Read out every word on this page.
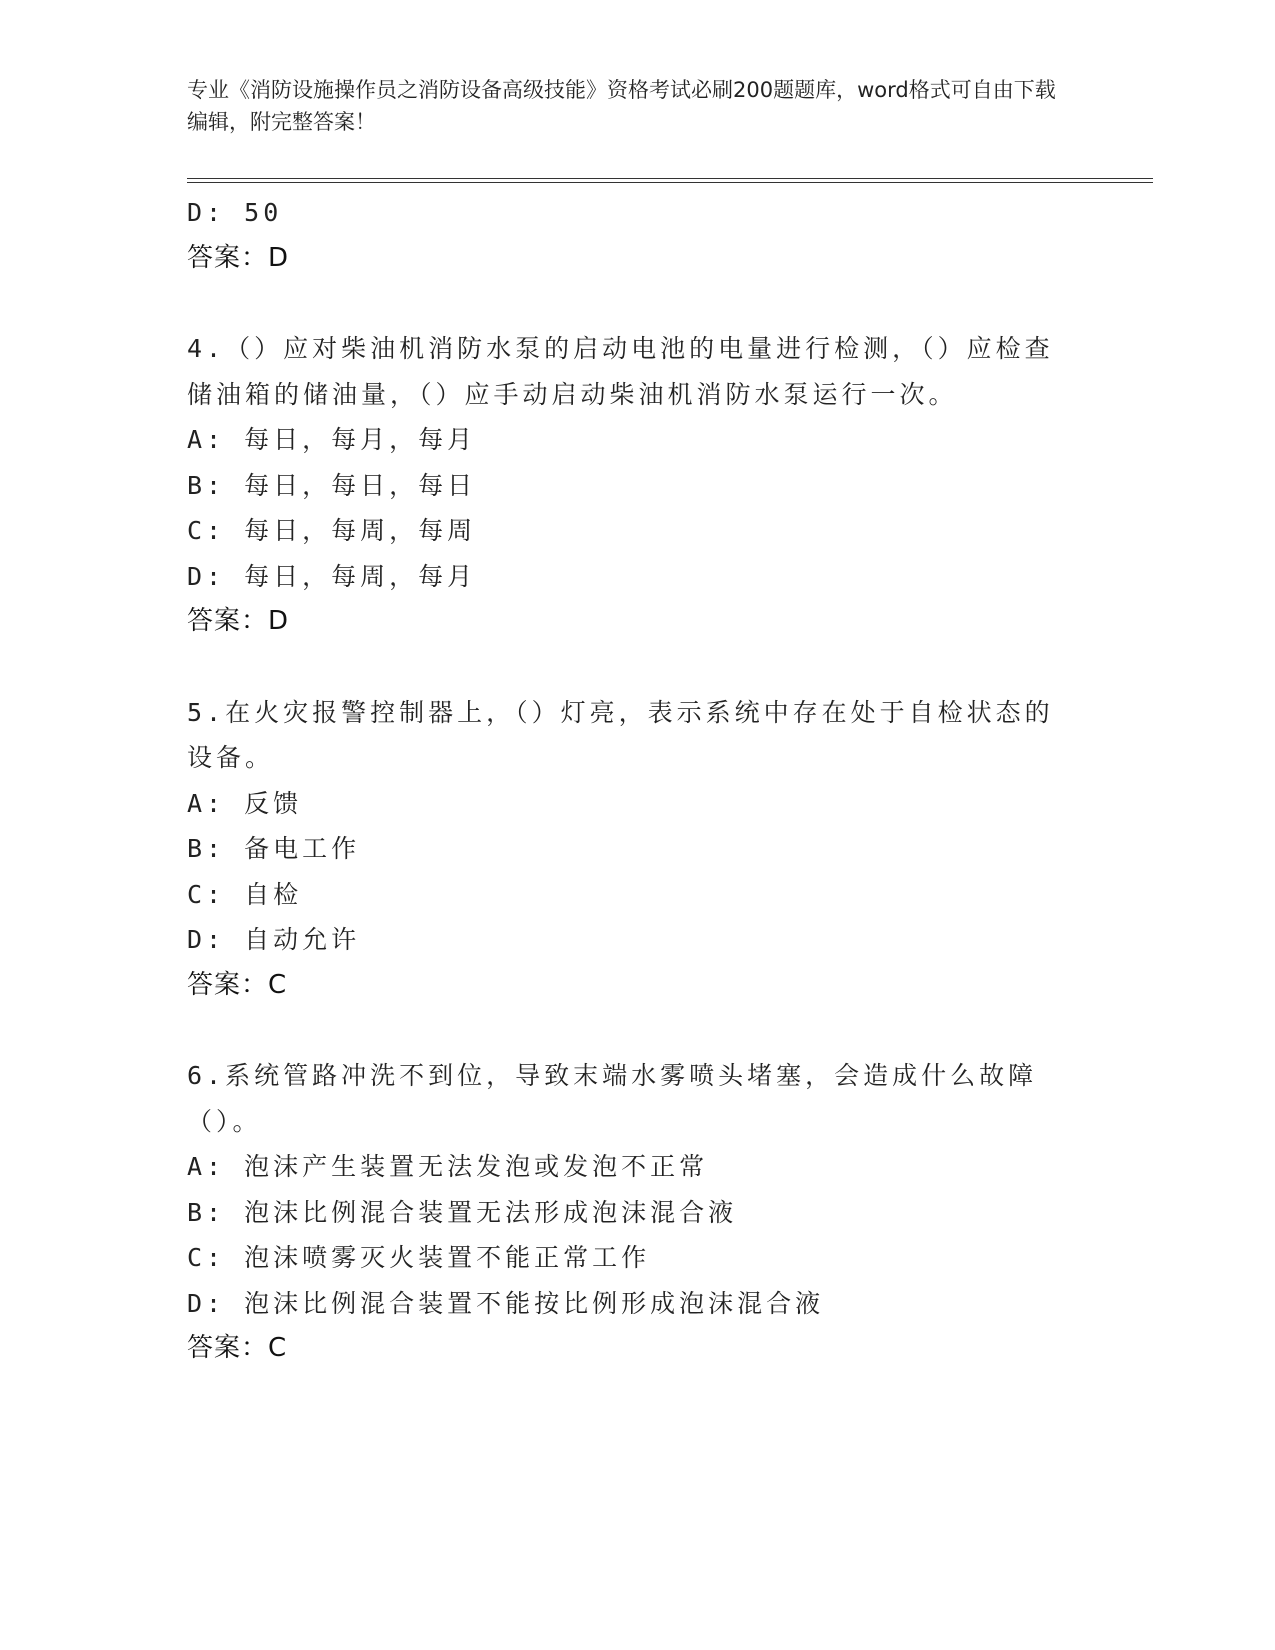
专业《消防设施操作员之消防设备高级技能》资格考试必刷200题题库，word格式可自由下载编辑，附完整答案！

D: 50

答案：D

4.（）应对柴油机消防水泵的启动电池的电量进行检测，（）应检查储油箱的储油量，（）应手动启动柴油机消防水泵运行一次。

A: 每日，每月，每月

B: 每日，每日，每日

C: 每日，每周，每周

D: 每日，每周，每月

答案：D

5.在火灾报警控制器上，（）灯亮，表示系统中存在处于自检状态的设备。

A: 反馈

B: 备电工作

C: 自检

D: 自动允许

答案：C

6.系统管路冲洗不到位，导致末端水雾喷头堵塞，会造成什么故障（）。

A: 泡沫产生装置无法发泡或发泡不正常

B: 泡沫比例混合装置无法形成泡沫混合液

C: 泡沫喷雾灭火装置不能正常工作

D: 泡沫比例混合装置不能按比例形成泡沫混合液

答案：C
